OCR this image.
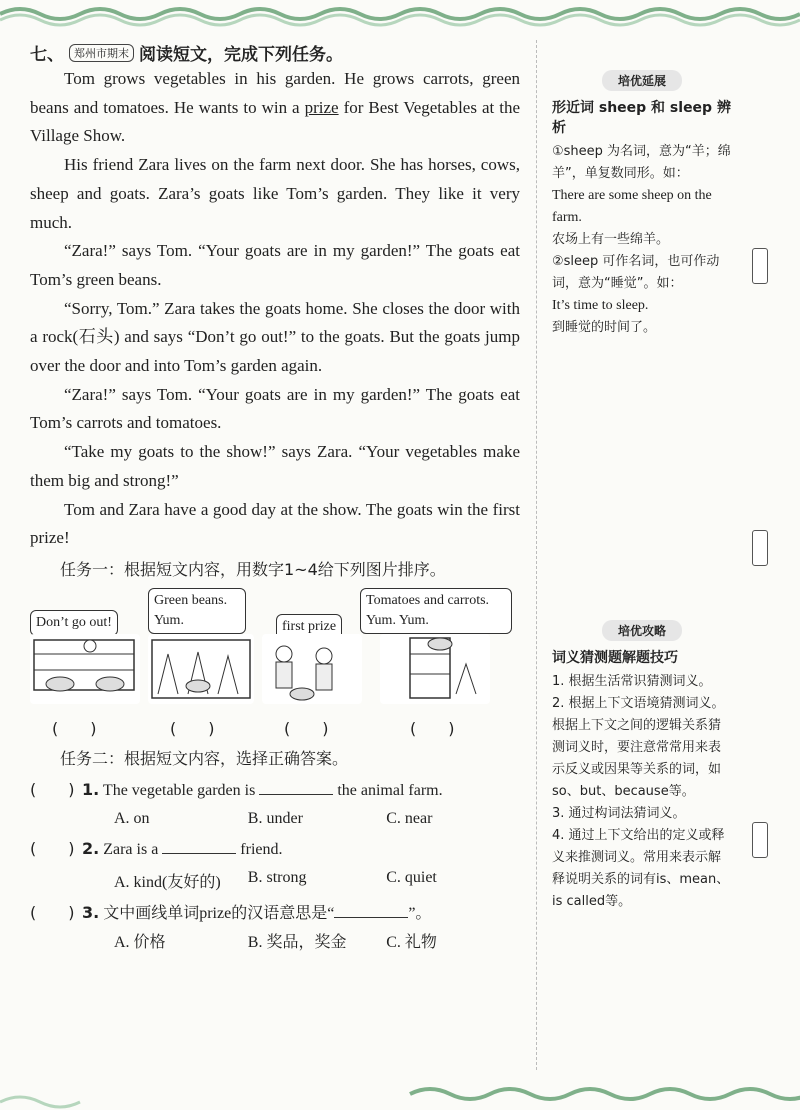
七、 郑州市期末 阅读短文，完成下列任务。

Tom grows vegetables in his garden. He grows carrots, green beans and tomatoes. He wants to win a prize for Best Vegetables at the Village Show.

His friend Zara lives on the farm next door. She has horses, cows, sheep and goats. Zara’s goats like Tom’s garden. They like it very much.

“Zara!” says Tom. “Your goats are in my garden!” The goats eat Tom’s green beans.

“Sorry, Tom.” Zara takes the goats home. She closes the door with a rock(石头) and says “Don’t go out!” to the goats. But the goats jump over the door and into Tom’s garden again.

“Zara!” says Tom. “Your goats are in my garden!” The goats eat Tom’s carrots and tomatoes.

“Take my goats to the show!” says Zara. “Your vegetables make them big and strong!”

Tom and Zara have a good day at the show. The goats win the first prize!

任务一：根据短文内容，用数字1~4给下列图片排序。
Don’t go out!
Green beans. Yum.	first prize
Tomatoes and carrots. Yum. Yum.
(　　)	(　　)	(　　)	(　　)
任务二：根据短文内容，选择正确答案。
(　　) 1. The vegetable garden is	the animal farm.
A. on	B. under	C. near
(　　) 2. Zara is a	friend.
A. kind(友好的)	B. strong	C. quiet
(　　) 3. 文中画线单词prize的汉语意思是“	”。
A. 价格	B. 奖品，奖金	C. 礼物
培优延展
形近词 sheep 和 sleep 辨析

①sheep 为名词，意为“羊；绵羊”，单复数同形。如：

There are some sheep on the farm.

农场上有一些绵羊。

②sleep 可作名词，也可作动词，意为“睡觉”。如：

It’s time to sleep.

到睡觉的时间了。

培优攻略
词义猜测题解题技巧

1. 根据生活常识猜测词义。

2. 根据上下文语境猜测词义。根据上下文之间的逻辑关系猜测词义时，要注意常常用来表示反义或因果等关系的词，如so、but、because等。

3. 通过构词法猜词义。

4. 通过上下文给出的定义或释义来推测词义。常用来表示解释说明关系的词有is、mean、is called等。
